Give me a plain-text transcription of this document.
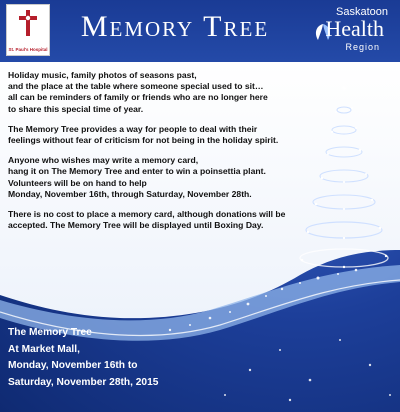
St. Paul's Hospital
Memory Tree	Saskatoon
Health
Region

Holiday music, family photos of seasons past,
and the place at the table where someone special used to sit…
all can be reminders of family or friends who are no longer here
to share this special time of year.

The Memory Tree provides a way for people to deal with their
feelings without fear of criticism for not being in the holiday spirit.

Anyone who wishes may write a memory card,
hang it on The Memory Tree and enter to win a poinsettia plant.
Volunteers will be on hand to help
Monday, November 16th, through Saturday, November 28th.

There is no cost to place a memory card, although donations will be
accepted. The Memory Tree will be displayed until Boxing Day.

The Memory Tree
At Market Mall,
Monday, November 16th to
Saturday, November 28th, 2015
